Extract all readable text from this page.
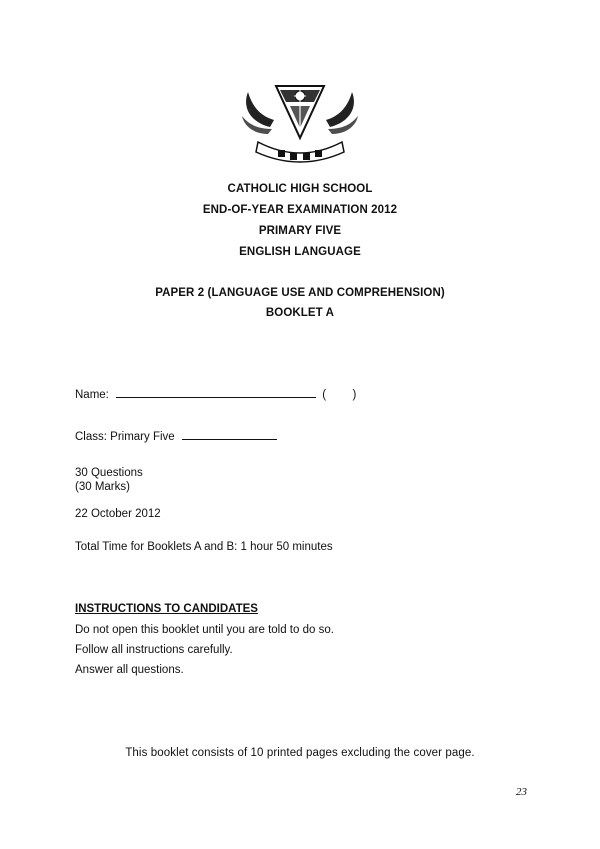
CATHOLIC HIGH SCHOOL
END-OF-YEAR EXAMINATION 2012
PRIMARY FIVE
ENGLISH LANGUAGE
PAPER 2 (LANGUAGE USE AND COMPREHENSION)
BOOKLET A
Name:	( )
Class: Primary Five
30 Questions
(30 Marks)
22 October 2012
Total Time for Booklets A and B: 1 hour 50 minutes
INSTRUCTIONS TO CANDIDATES
Do not open this booklet until you are told to do so.
Follow all instructions carefully.
Answer all questions.
This booklet consists of 10 printed pages excluding the cover page.
23
